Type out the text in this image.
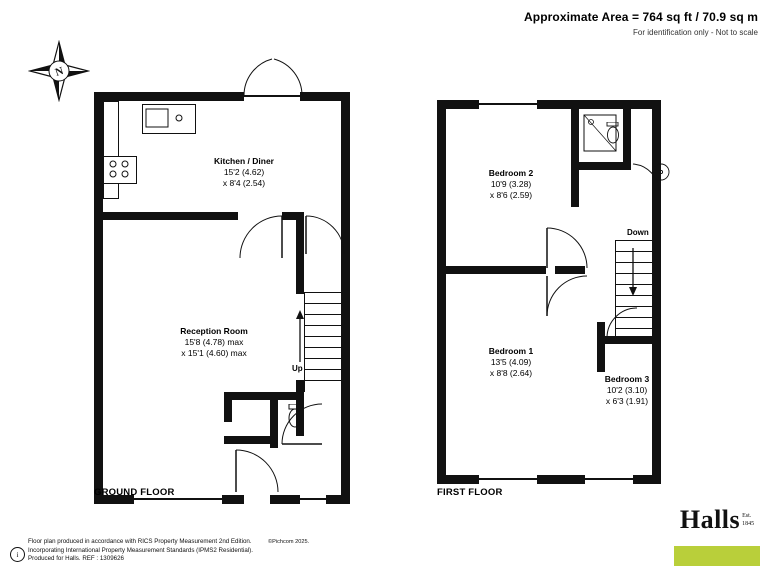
Approximate Area = 764 sq ft / 70.9 sq m
For identification only - Not to scale
N
Up
Kitchen / Diner
15'2 (4.62)
x 8'4 (2.54)
Reception Room
15'8 (4.78) max
x 15'1 (4.60) max
GROUND FLOOR
Down
Bedroom 2
10'9 (3.28)
x 8'6 (2.59)
Bedroom 1
13'5 (4.09)
x 8'8 (2.64)
Bedroom 3
10'2 (3.10)
x 6'3 (1.91)
FIRST FLOOR
i
Floor plan produced in accordance with RICS Property Measurement 2nd Edition.
Incorporating International Property Measurement Standards (IPMS2 Residential).
Produced for Halls. REF : 1309626
©Pichcom 2025.
Halls Est.
1845
